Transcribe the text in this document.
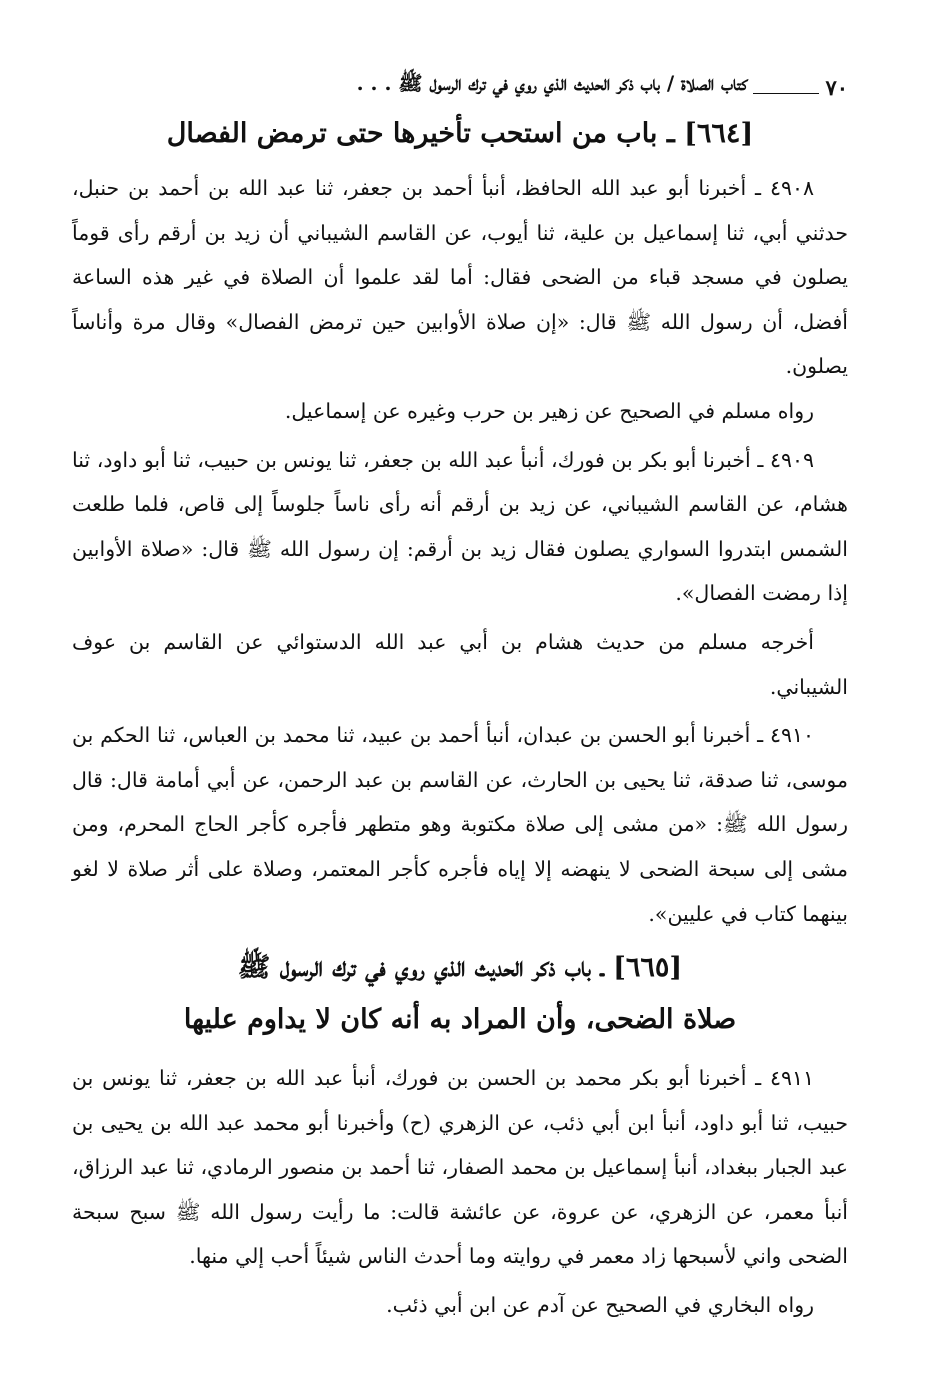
٧٠
كتاب الصلاة / باب ذكر الحديث الذي روي في ترك الرسول ﷺ . . .
[٦٦٤] ـ باب من استحب تأخيرها حتى ترمض الفصال

٤٩٠٨ ـ أخبرنا أبو عبد الله الحافظ، أنبأ أحمد بن جعفر، ثنا عبد الله بن أحمد بن حنبل، حدثني أبي، ثنا إسماعيل بن علية، ثنا أيوب، عن القاسم الشيباني أن زيد بن أرقم رأى قوماً يصلون في مسجد قباء من الضحى فقال: أما لقد علموا أن الصلاة في غير هذه الساعة أفضل، أن رسول الله ﷺ قال: «إن صلاة الأوابين حين ترمض الفصال» وقال مرة وأناساً يصلون.

رواه مسلم في الصحيح عن زهير بن حرب وغيره عن إسماعيل.

٤٩٠٩ ـ أخبرنا أبو بكر بن فورك، أنبأ عبد الله بن جعفر، ثنا يونس بن حبيب، ثنا أبو داود، ثنا هشام، عن القاسم الشيباني، عن زيد بن أرقم أنه رأى ناساً جلوساً إلى قاص، فلما طلعت الشمس ابتدروا السواري يصلون فقال زيد بن أرقم: إن رسول الله ﷺ قال: «صلاة الأوابين إذا رمضت الفصال».

أخرجه مسلم من حديث هشام بن أبي عبد الله الدستوائي عن القاسم بن عوف الشيباني.

٤٩١٠ ـ أخبرنا أبو الحسن بن عبدان، أنبأ أحمد بن عبيد، ثنا محمد بن العباس، ثنا الحكم بن موسى، ثنا صدقة، ثنا يحيى بن الحارث، عن القاسم بن عبد الرحمن، عن أبي أمامة قال: قال رسول الله ﷺ: «من مشى إلى صلاة مكتوبة وهو متطهر فأجره كأجر الحاج المحرم، ومن مشى إلى سبحة الضحى لا ينهضه إلا إياه فأجره كأجر المعتمر، وصلاة على أثر صلاة لا لغو بينهما كتاب في عليين».

[٦٦٥] ـ باب ذكر الحديث الذي روي في ترك الرسول ﷺ
صلاة الضحى، وأن المراد به أنه كان لا يداوم عليها

٤٩١١ ـ أخبرنا أبو بكر محمد بن الحسن بن فورك، أنبأ عبد الله بن جعفر، ثنا يونس بن حبيب، ثنا أبو داود، أنبأ ابن أبي ذئب، عن الزهري (ح) وأخبرنا أبو محمد عبد الله بن يحيى بن عبد الجبار ببغداد، أنبأ إسماعيل بن محمد الصفار، ثنا أحمد بن منصور الرمادي، ثنا عبد الرزاق، أنبأ معمر، عن الزهري، عن عروة، عن عائشة قالت: ما رأيت رسول الله ﷺ سبح سبحة الضحى واني لأسبحها زاد معمر في روايته وما أحدث الناس شيئاً أحب إلي منها.

رواه البخاري في الصحيح عن آدم عن ابن أبي ذئب.
